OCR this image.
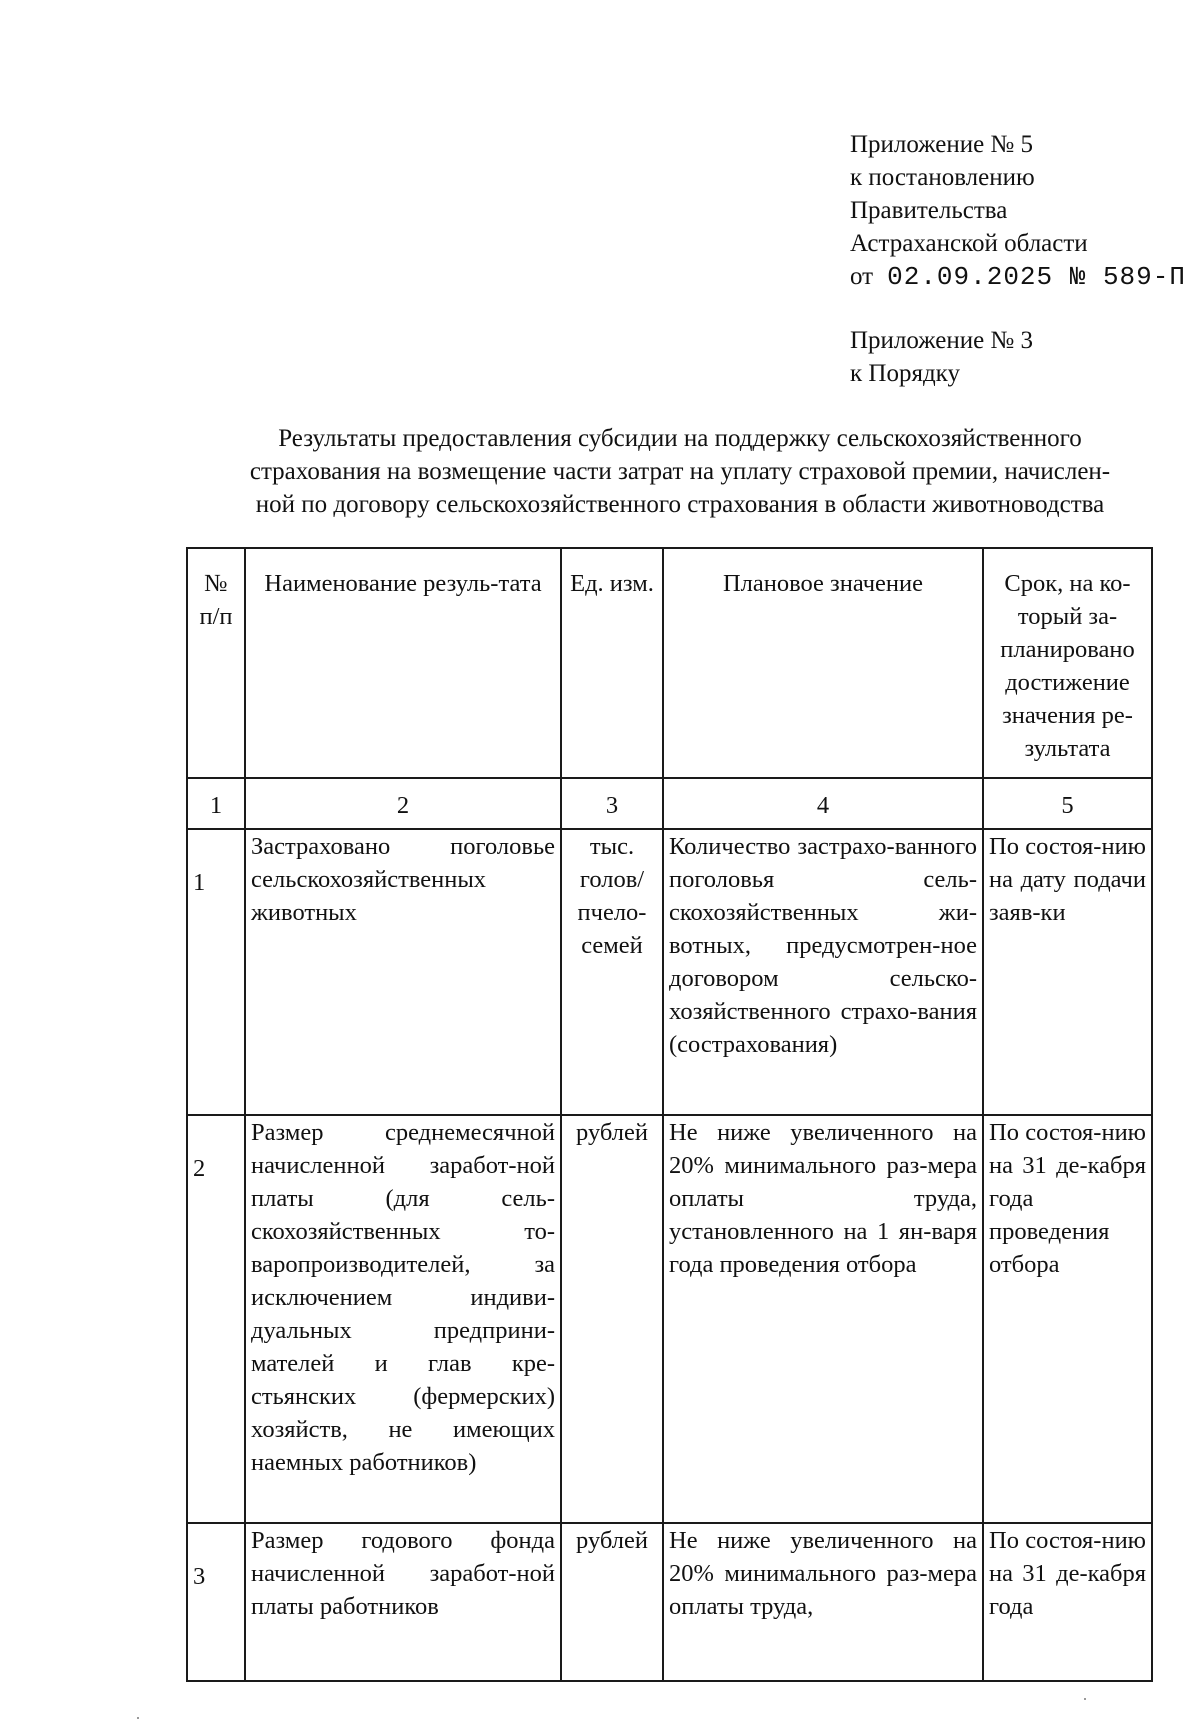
Приложение № 5

к постановлению

Правительства

Астраханской области

от 02.09.2025 № 589-П

Приложение № 3

к Порядку

Результаты предоставления субсидии на поддержку сельскохозяйственного

страхования на возмещение части затрат на уплату страховой премии, начислен-

ной по договору сельскохозяйственного страхования в области животноводства

№ п/п	Наименование резуль-тата	Ед. изм.	Плановое значение	Срок, на ко-торый за-планировано достижение значения ре-зультата
1	2	3	4	5
1	Застраховано поголовье сельскохозяйственных животных	тыс. голов/ пчело-семей	Количество застрахо-ванного поголовья сель-скохозяйственных жи-вотных, предусмотрен-ное договором сельско-хозяйственного страхо-вания (сострахования)	По состоя-нию на дату подачи заяв-ки
2	Размер среднемесячной начисленной заработ-ной платы (для сель-скохозяйственных то-варопроизводителей, за исключением индиви-дуальных предприни-мателей и глав кре-стьянских (фермерских) хозяйств, не имеющих наемных работников)	рублей	Не ниже увеличенного на 20% минимального раз-мера оплаты труда, установленного на 1 ян-варя года проведения отбора	По состоя-нию на 31 де-кабря года проведения отбора
3	Размер годового фонда начисленной заработ-ной платы работников	рублей	Не ниже увеличенного на 20% минимального раз-мера оплаты труда,	По состоя-нию на 31 де-кабря года
